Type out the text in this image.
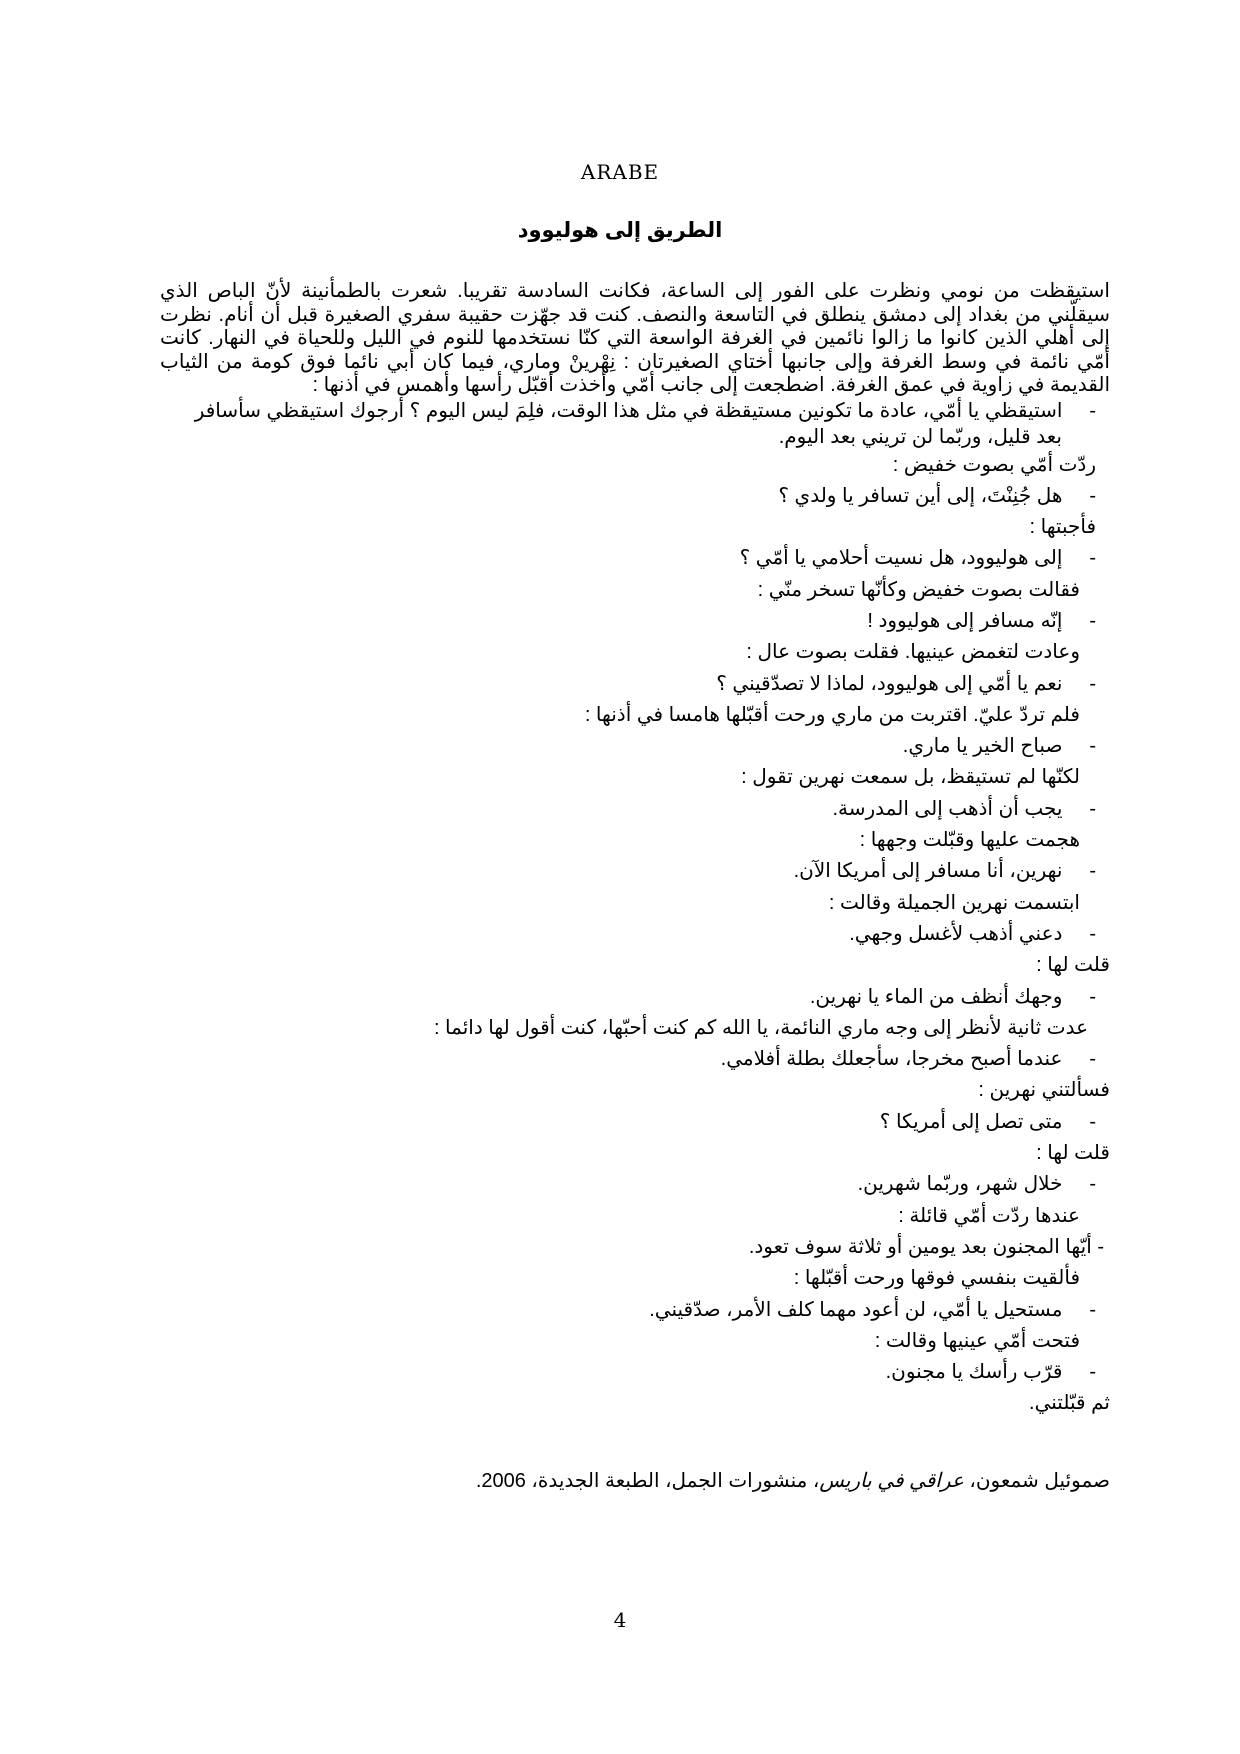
ARABE
الطريق إلى هوليوود

استيقظت من نومي ونظرت على الفور إلى الساعة، فكانت السادسة تقريبا. شعرت بالطمأنينة لأنّ الباص الذي سيقلّني من بغداد إلى دمشق ينطلق في التاسعة والنصف. كنت قد جهّزت حقيبة سفري الصغيرة قبل أن أنام. نظرت إلى أهلي الذين كانوا ما زالوا نائمين في الغرفة الواسعة التي كنّا نستخدمها للنوم في الليل وللحياة في النهار. كانت أمّي نائمة في وسط الغرفة وإلى جانبها أختاي الصغيرتان : نِهْرينْ وماري، فيما كان أبي نائما فوق كومة من الثياب القديمة في زاوية في عمق الغرفة. اضطجعت إلى جانب أمّي وأخذت أقبّل رأسها وأهمس في أذنها :

- استيقظي يا أمّي، عادة ما تكونين مستيقظة في مثل هذا الوقت، فلِمَ ليس اليوم ؟ أرجوك استيقظي سأسافر

بعد قليل، وربّما لن تريني بعد اليوم.

ردّت أمّي بصوت خفيض :

- هل جُنِنْتَ، إلى أين تسافر يا ولدي ؟

فأجبتها :

- إلى هوليوود، هل نسيت أحلامي يا أمّي ؟

فقالت بصوت خفيض وكأنّها تسخر منّي :

- إنّه مسافر إلى هوليوود !

وعادت لتغمض عينيها. فقلت بصوت عال :

- نعم يا أمّي إلى هوليوود، لماذا لا تصدّقيني ؟

فلم تردّ عليّ. اقتربت من ماري ورحت أقبّلها هامسا في أذنها :

- صباح الخير يا ماري.

لكنّها لم تستيقظ، بل سمعت نهرين تقول :

- يجب أن أذهب إلى المدرسة.

هجمت عليها وقبّلت وجهها :

- نهرين، أنا مسافر إلى أمريكا الآن.

ابتسمت نهرين الجميلة وقالت :

- دعني أذهب لأغسل وجهي.

قلت لها :

- وجهك أنظف من الماء يا نهرين.

عدت ثانية لأنظر إلى وجه ماري النائمة، يا الله كم كنت أحبّها، كنت أقول لها دائما :

- عندما أصبح مخرجا، سأجعلك بطلة أفلامي.

فسألتني نهرين :

- متى تصل إلى أمريكا ؟

قلت لها :

- خلال شهر، وربّما شهرين.

عندها ردّت أمّي قائلة :

- أيّها المجنون بعد يومين أو ثلاثة سوف تعود.

فألقيت بنفسي فوقها ورحت أقبّلها :

- مستحيل يا أمّي، لن أعود مهما كلف الأمر، صدّقيني.

فتحت أمّي عينيها وقالت :

- قرّب رأسك يا مجنون.

ثم قبّلتني.

صموئيل شمعون، عراقي في باريس، منشورات الجمل، الطبعة الجديدة، 2006.
4
